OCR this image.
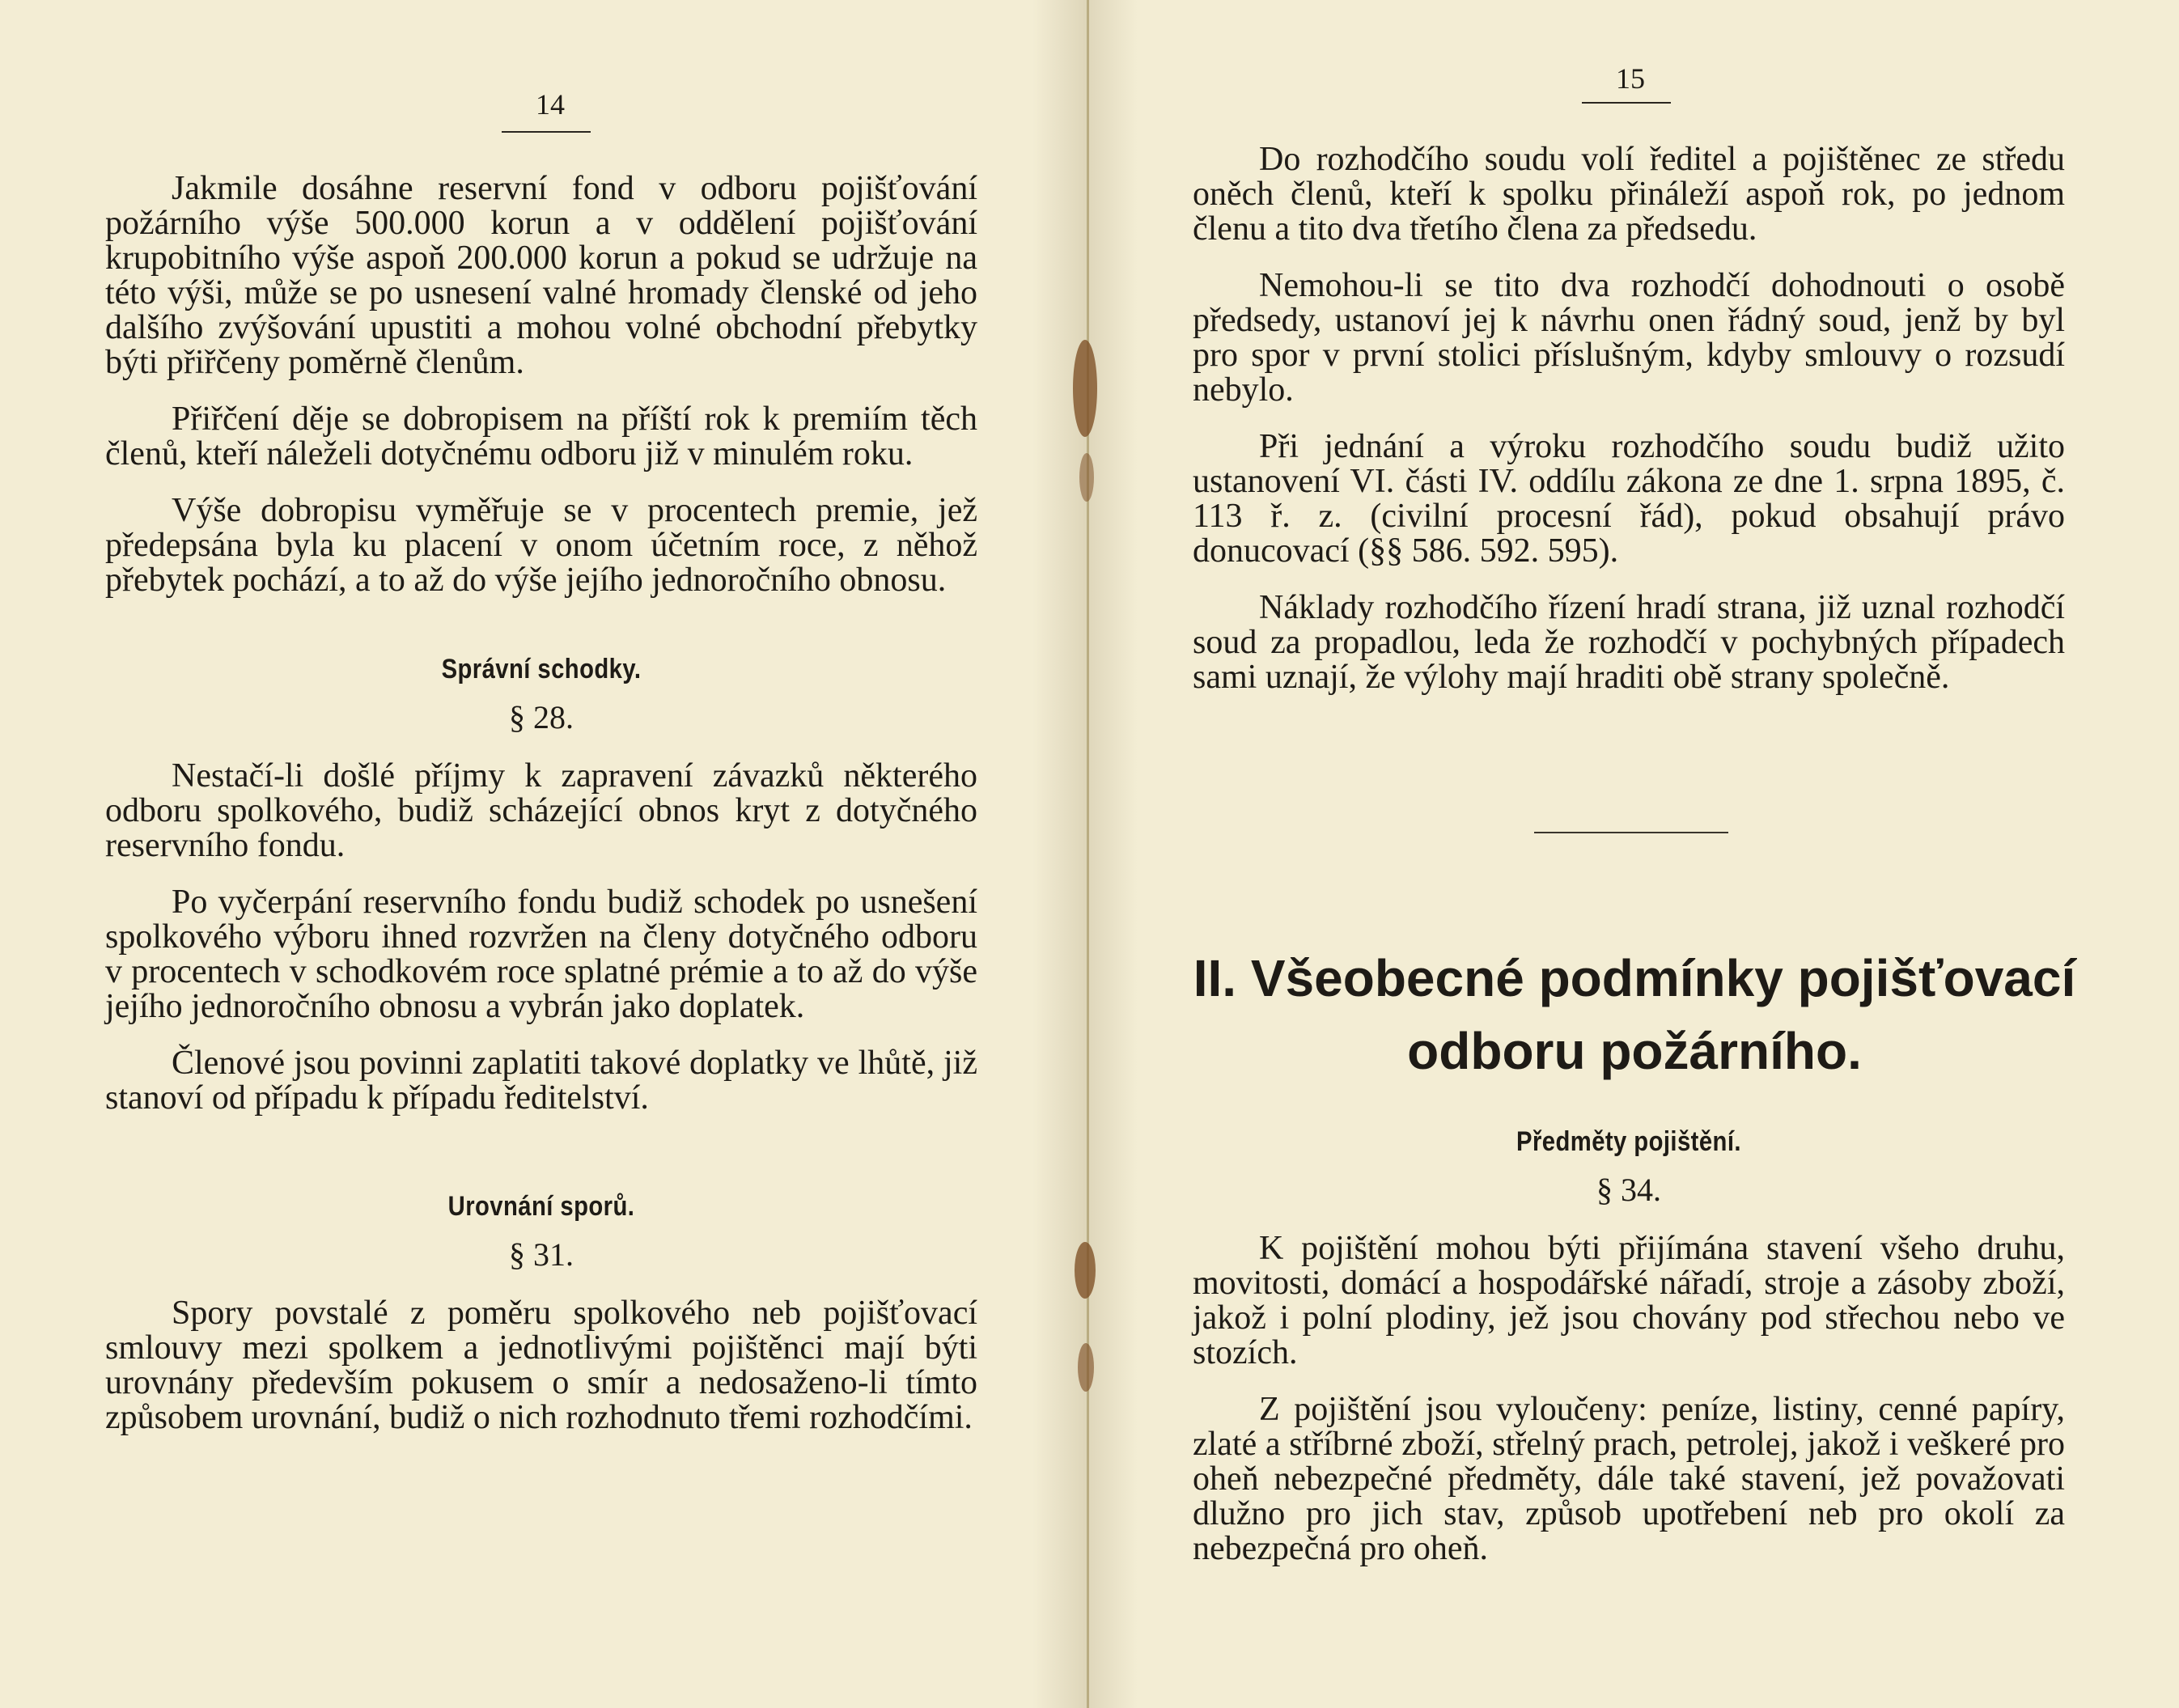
14

Jakmile dosáhne reservní fond v odboru pojišťování požárního výše 500.000 korun a v oddělení pojišťování krupobitního výše aspoň 200.000 korun a pokud se udržuje na této výši, může se po usnesení valné hromady členské od jeho dalšího zvýšování upustiti a mohou volné obchodní přebytky býti přiřčeny poměrně členům.

Přiřčení děje se dobropisem na příští rok k premiím těch členů, kteří náleželi dotyčnému odboru již v minulém roku.

Výše dobropisu vyměřuje se v procentech premie, jež předepsána byla ku placení v onom účetním roce, z něhož přebytek pochází, a to až do výše jejího jednoročního obnosu.

Správní schodky.
§ 28.

Nestačí-li došlé příjmy k zapravení závazků některého odboru spolkového, budiž scházející obnos kryt z dotyčného reservního fondu.

Po vyčerpání reservního fondu budiž schodek po usnešení spolkového výboru ihned rozvržen na členy dotyčného odboru v procentech v schodkovém roce splatné prémie a to až do výše jejího jednoročního obnosu a vybrán jako doplatek.

Členové jsou povinni zaplatiti takové doplatky ve lhůtě, již stanoví od případu k případu ředitelství.

Urovnání sporů.
§ 31.

Spory povstalé z poměru spolkového neb pojišťovací smlouvy mezi spolkem a jednotlivými pojištěnci mají býti urovnány především pokusem o smír a nedosaženo-li tímto způsobem urovnání, budiž o nich rozhodnuto třemi rozhodčími.

15

Do rozhodčího soudu volí ředitel a pojištěnec ze středu oněch členů, kteří k spolku přináleží aspoň rok, po jednom členu a tito dva třetího člena za předsedu.

Nemohou-li se tito dva rozhodčí dohodnouti o osobě předsedy, ustanoví jej k návrhu onen řádný soud, jenž by byl pro spor v první stolici příslušným, kdyby smlouvy o rozsudí nebylo.

Při jednání a výroku rozhodčího soudu budiž užito ustanovení VI. části IV. oddílu zákona ze dne 1. srpna 1895, č. 113 ř. z. (civilní procesní řád), pokud obsahují právo donucovací (§§ 586. 592. 595).

Náklady rozhodčího řízení hradí strana, již uznal rozhodčí soud za propadlou, leda že rozhodčí v pochybných případech sami uznají, že výlohy mají hraditi obě strany společně.

II. Všeobecné podmínky pojišťovací
odboru požárního.
Předměty pojištění.
§ 34.

K pojištění mohou býti přijímána stavení všeho druhu, movitosti, domácí a hospodářské nářadí, stroje a zásoby zboží, jakož i polní plodiny, jež jsou chovány pod střechou nebo ve stozích.

Z pojištění jsou vyloučeny: peníze, listiny, cenné papíry, zlaté a stříbrné zboží, střelný prach, petrolej, jakož i veškeré pro oheň nebezpečné předměty, dále také stavení, jež považovati dlužno pro jich stav, způsob upotřebení neb pro okolí za nebezpečná pro oheň.
